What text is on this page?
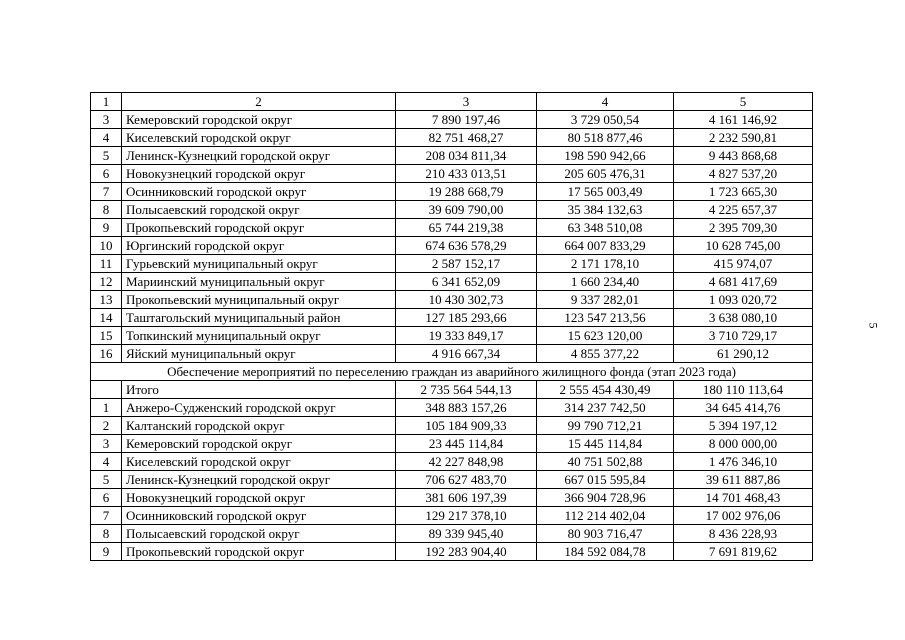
1	2	3	4	5
3	Кемеровский городской округ	7 890 197,46	3 729 050,54	4 161 146,92
4	Киселевский городской округ	82 751 468,27	80 518 877,46	2 232 590,81
5	Ленинск-Кузнецкий городской округ	208 034 811,34	198 590 942,66	9 443 868,68
6	Новокузнецкий городской округ	210 433 013,51	205 605 476,31	4 827 537,20
7	Осинниковский городской округ	19 288 668,79	17 565 003,49	1 723 665,30
8	Полысаевский городской округ	39 609 790,00	35 384 132,63	4 225 657,37
9	Прокопьевский городской округ	65 744 219,38	63 348 510,08	2 395 709,30
10	Юргинский городской округ	674 636 578,29	664 007 833,29	10 628 745,00
11	Гурьевский муниципальный округ	2 587 152,17	2 171 178,10	415 974,07
12	Мариинский муниципальный округ	6 341 652,09	1 660 234,40	4 681 417,69
13	Прокопьевский муниципальный округ	10 430 302,73	9 337 282,01	1 093 020,72
14	Таштагольский муниципальный район	127 185 293,66	123 547 213,56	3 638 080,10
15	Топкинский муниципальный округ	19 333 849,17	15 623 120,00	3 710 729,17
16	Яйский муниципальный округ	4 916 667,34	4 855 377,22	61 290,12
Обеспечение мероприятий по переселению граждан из аварийного жилищного фонда (этап 2023 года)				
	Итого	2 735 564 544,13	2 555 454 430,49	180 110 113,64
1	Анжеро-Судженский городской округ	348 883 157,26	314 237 742,50	34 645 414,76
2	Калтанский городской округ	105 184 909,33	99 790 712,21	5 394 197,12
3	Кемеровский городской округ	23 445 114,84	15 445 114,84	8 000 000,00
4	Киселевский городской округ	42 227 848,98	40 751 502,88	1 476 346,10
5	Ленинск-Кузнецкий городской округ	706 627 483,70	667 015 595,84	39 611 887,86
6	Новокузнецкий городской округ	381 606 197,39	366 904 728,96	14 701 468,43
7	Осинниковский городской округ	129 217 378,10	112 214 402,04	17 002 976,06
8	Полысаевский городской округ	89 339 945,40	80 903 716,47	8 436 228,93
9	Прокопьевский городской округ	192 283 904,40	184 592 084,78	7 691 819,62
5
